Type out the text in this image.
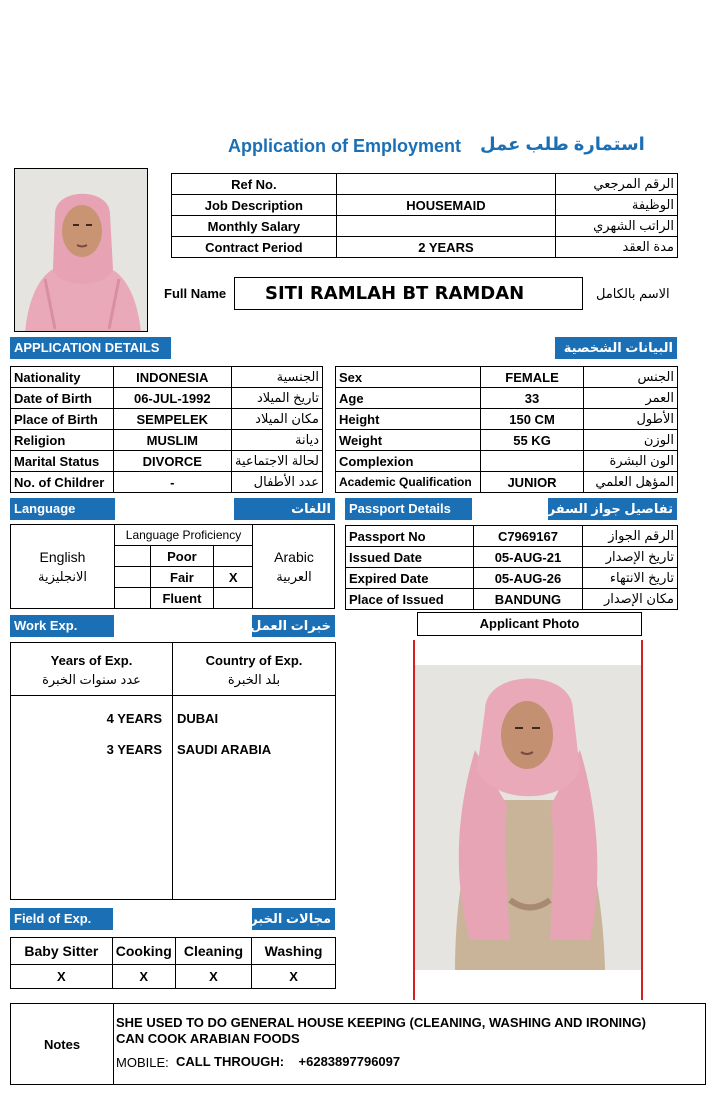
Application of Employment استمارة طلب عمل
Ref No.		الرقم المرجعي
Job Description	HOUSEMAID	الوظيفة
Monthly Salary		الراتب الشهري
Contract Period	2 YEARS	مدة العقد
Full Name	SITI RAMLAH BT RAMDAN	الاسم بالكامل
APPLICATION DETAILS	البيانات الشخصية
Nationality	INDONESIA	الجنسية
Date of Birth	06-JUL-1992	تاريخ الميلاد
Place of Birth	SEMPELEK	مكان الميلاد
Religion	MUSLIM	ديانة
Marital Status	DIVORCE	لحالة الاجتماعية
No. of Childrer	-	عدد الأطفال
Sex	FEMALE	الجنس
Age	33	العمر
Height	150 CM	الأطول
Weight	55 KG	الوزن
Complexion		الون البشرة
Academic Qualification	JUNIOR	المؤهل العلمي
Language	اللغات
English
الانجليزية
Arabic
العربية
Language Proficiency		
	Poor	
	Fair	X
	Fluent	
Passport Details	تفاصيل جواز السفر
Passport No	C7969167	الرقم الجواز
Issued Date	05-AUG-21	تاريخ الإصدار
Expired Date	05-AUG-26	تاريخ الانتهاء
Place of Issued	BANDUNG	مكان الإصدار
Work Exp.	خبرات العمل
Years of Exp.
عدد سنوات الخبرة
Country of Exp.
بلد الخبرة
4 YEARS DUBAI
3 YEARS SAUDI ARABIA
Applicant Photo
Field of Exp.	مجالات الخبرة
Baby Sitter	Cooking	Cleaning	Washing
X	X	X	X
Notes
SHE USED TO DO GENERAL HOUSE KEEPING (CLEANING, WASHING AND IRONING)
CAN COOK ARABIAN FOODS
MOBILE: CALL THROUGH:    +6283897796097
